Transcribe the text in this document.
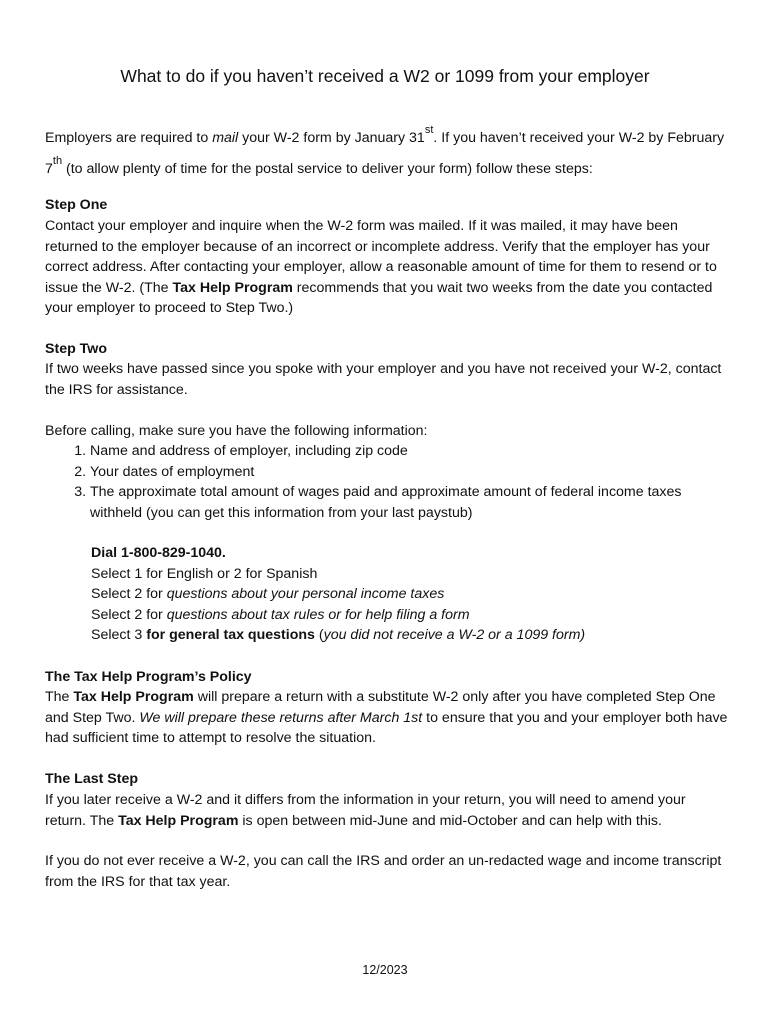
What to do if you haven’t received a W2 or 1099 from your employer

Employers are required to mail your W-2 form by January 31st. If you haven’t received your W-2 by February 7th (to allow plenty of time for the postal service to deliver your form) follow these steps:

Step One

Contact your employer and inquire when the W-2 form was mailed. If it was mailed, it may have been returned to the employer because of an incorrect or incomplete address. Verify that the employer has your correct address. After contacting your employer, allow a reasonable amount of time for them to resend or to issue the W-2. (The Tax Help Program recommends that you wait two weeks from the date you contacted your employer to proceed to Step Two.)

Step Two

If two weeks have passed since you spoke with your employer and you have not received your W-2, contact the IRS for assistance.

Before calling, make sure you have the following information:

1. Name and address of employer, including zip code
2. Your dates of employment
3. The approximate total amount of wages paid and approximate amount of federal income taxes withheld (you can get this information from your last paystub)
Dial 1-800-829-1040.
Select 1 for English or 2 for Spanish
Select 2 for questions about your personal income taxes
Select 2 for questions about tax rules or for help filing a form
Select 3 for general tax questions (you did not receive a W-2 or a 1099 form)
The Tax Help Program’s Policy

The Tax Help Program will prepare a return with a substitute W-2 only after you have completed Step One and Step Two. We will prepare these returns after March 1st to ensure that you and your employer both have had sufficient time to attempt to resolve the situation.

The Last Step

If you later receive a W-2 and it differs from the information in your return, you will need to amend your return. The Tax Help Program is open between mid-June and mid-October and can help with this.

If you do not ever receive a W-2, you can call the IRS and order an un-redacted wage and income transcript from the IRS for that tax year.

12/2023
